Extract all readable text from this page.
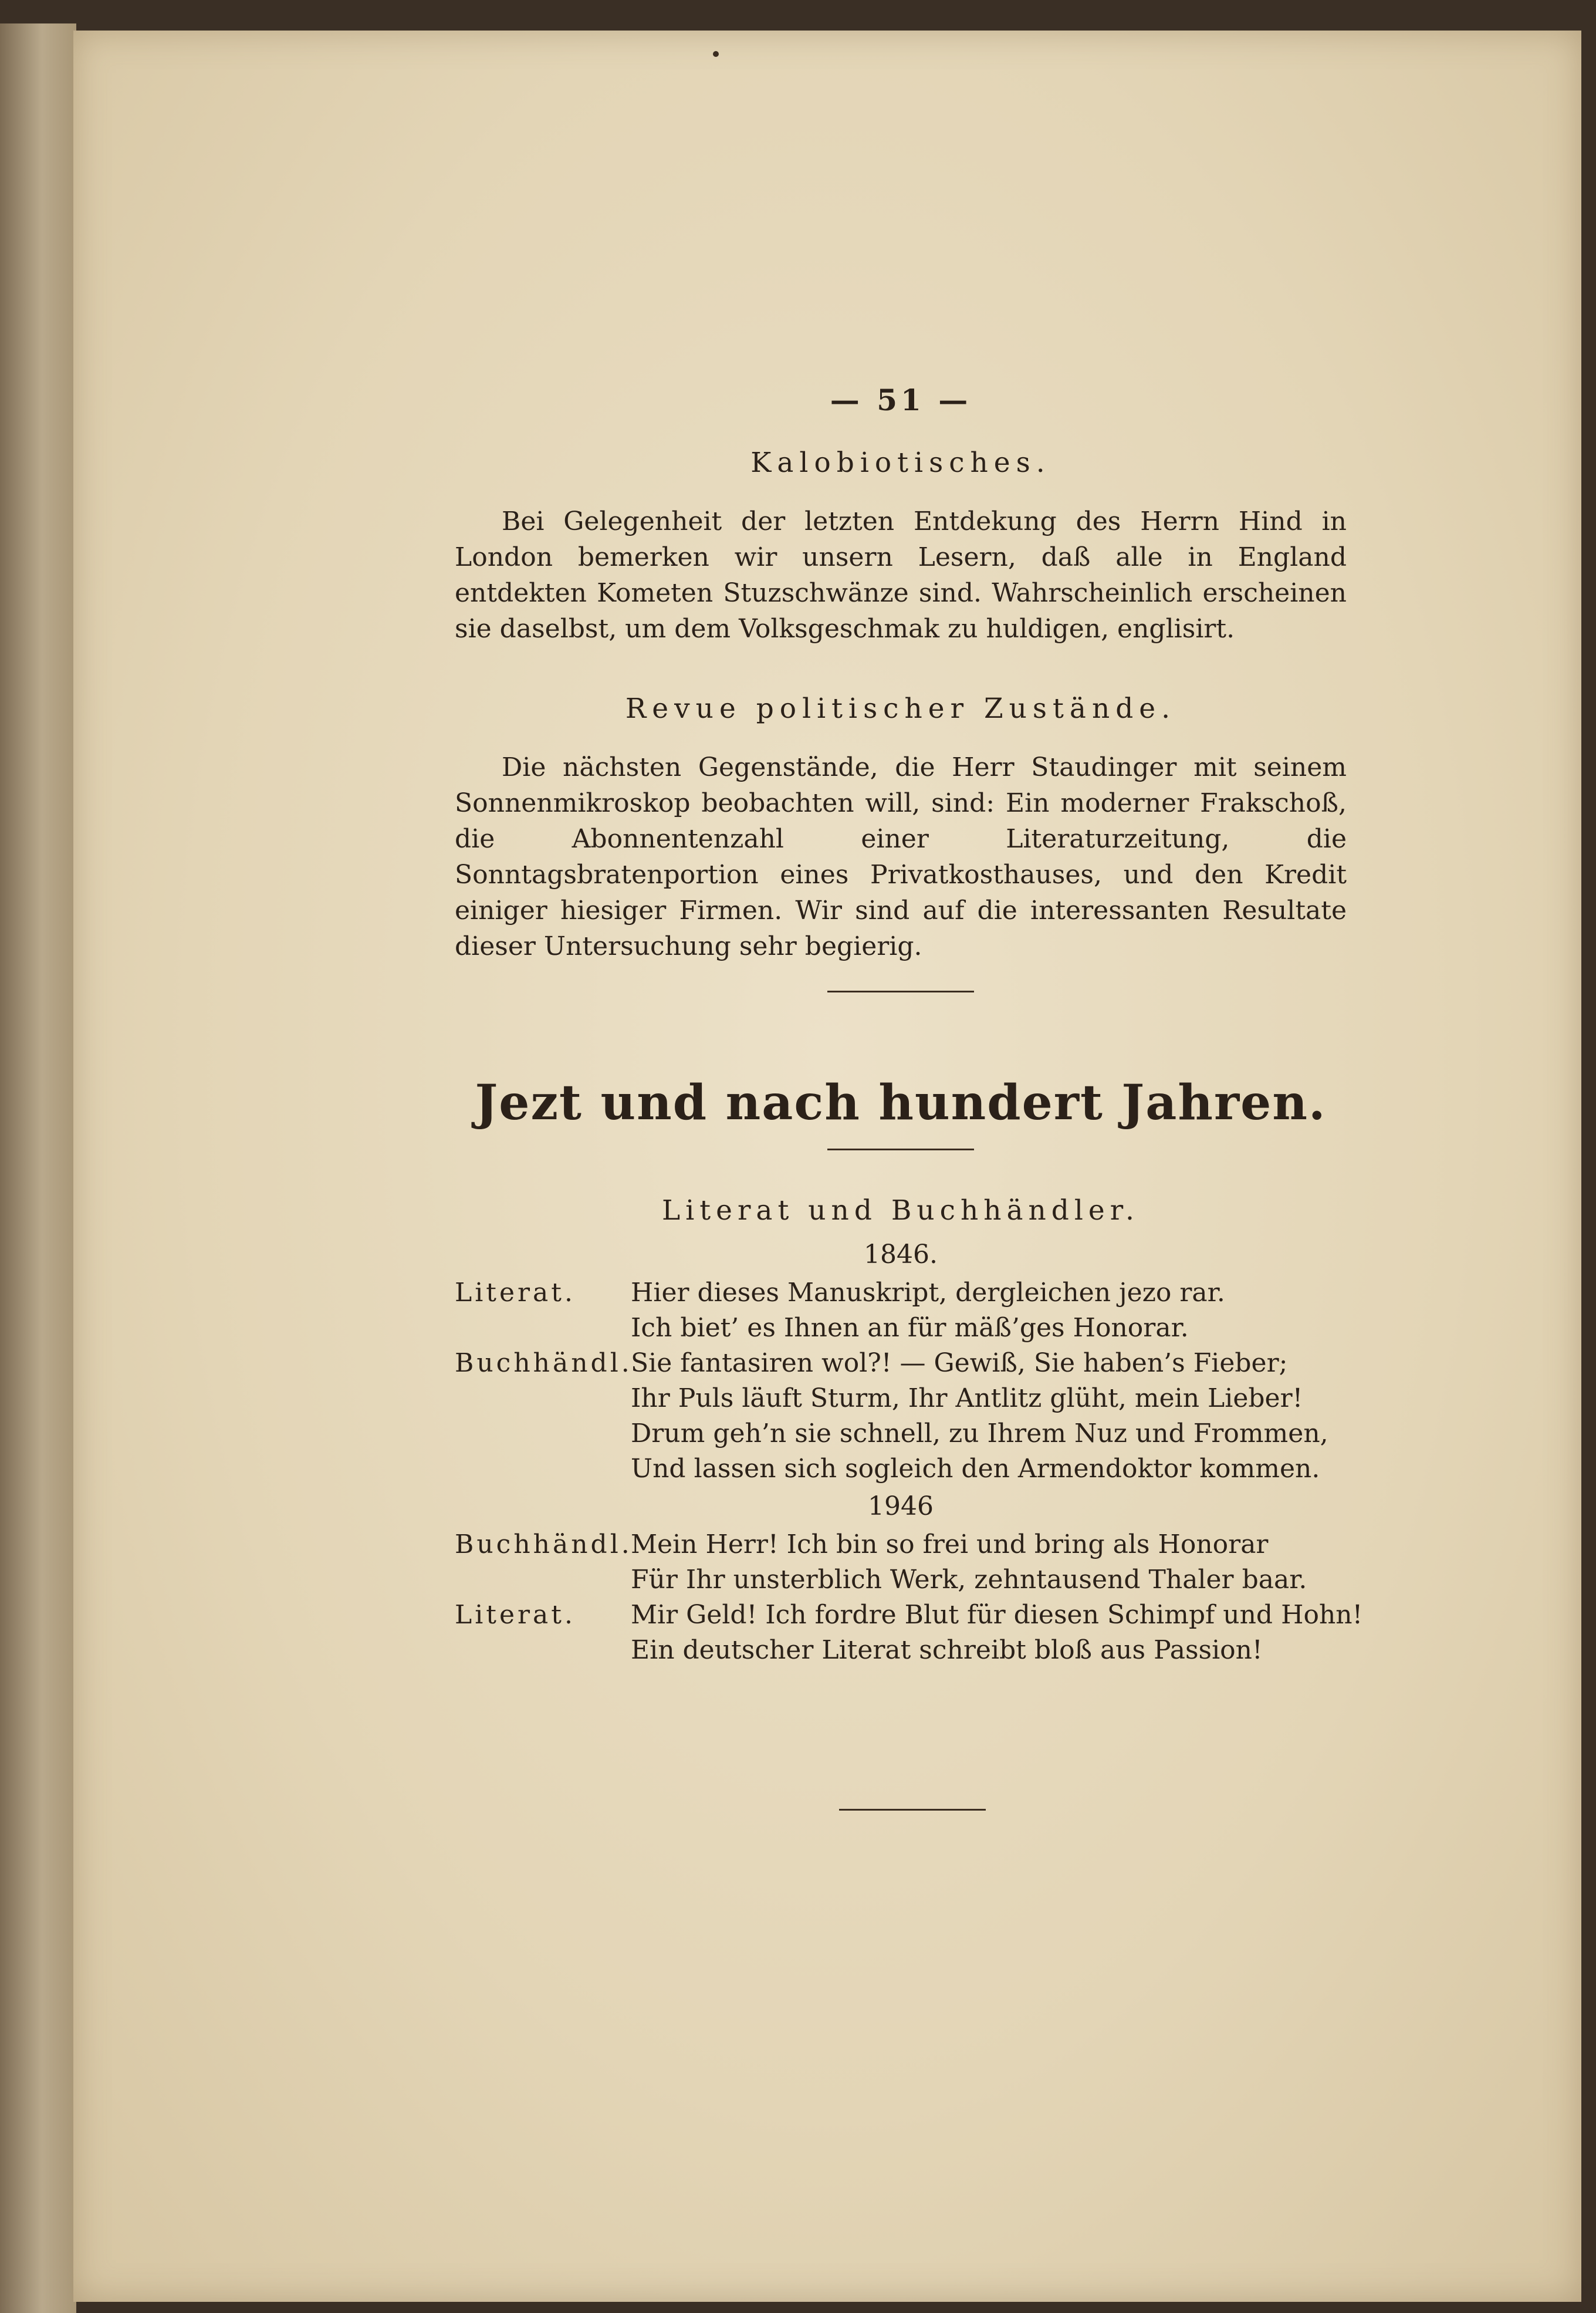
— 51 —
Kalobiotisches.

Bei Gelegenheit der letzten Entdekung des Herrn Hind in London bemerken wir unsern Lesern, daß alle in England entdekten Kometen Stuzschwänze sind. Wahrscheinlich erscheinen sie daselbst, um dem Volksgeschmak zu huldigen, englisirt.

Revue politischer Zustände.

Die nächsten Gegenstände, die Herr Staudinger mit seinem Sonnenmikroskop beobachten will, sind: Ein moderner Frakschoß, die Abonnentenzahl einer Literaturzeitung, die Sonntagsbratenportion eines Privatkosthauses, und den Kredit einiger hiesiger Firmen. Wir sind auf die interessanten Resultate dieser Untersuchung sehr begierig.

Jezt und nach hundert Jahren.
Literat und Buchhändler.
1846.
Literat.	Hier dieses Manuskript, dergleichen jezo rar.
Ich biet’ es Ihnen an für mäß’ges Honorar.
Buchhändl.
Sie fantasiren wol?! — Gewiß, Sie haben’s Fieber;
Ihr Puls läuft Sturm, Ihr Antlitz glüht, mein Lieber!
Drum geh’n sie schnell, zu Ihrem Nuz und Frommen,
Und lassen sich sogleich den Armendoktor kommen.
1946
Buchhändl.
Mein Herr! Ich bin so frei und bring als Honorar
Für Ihr unsterblich Werk, zehntausend Thaler baar.
Literat.	Mir Geld! Ich fordre Blut für diesen Schimpf und Hohn!
Ein deutscher Literat schreibt bloß aus Passion!
